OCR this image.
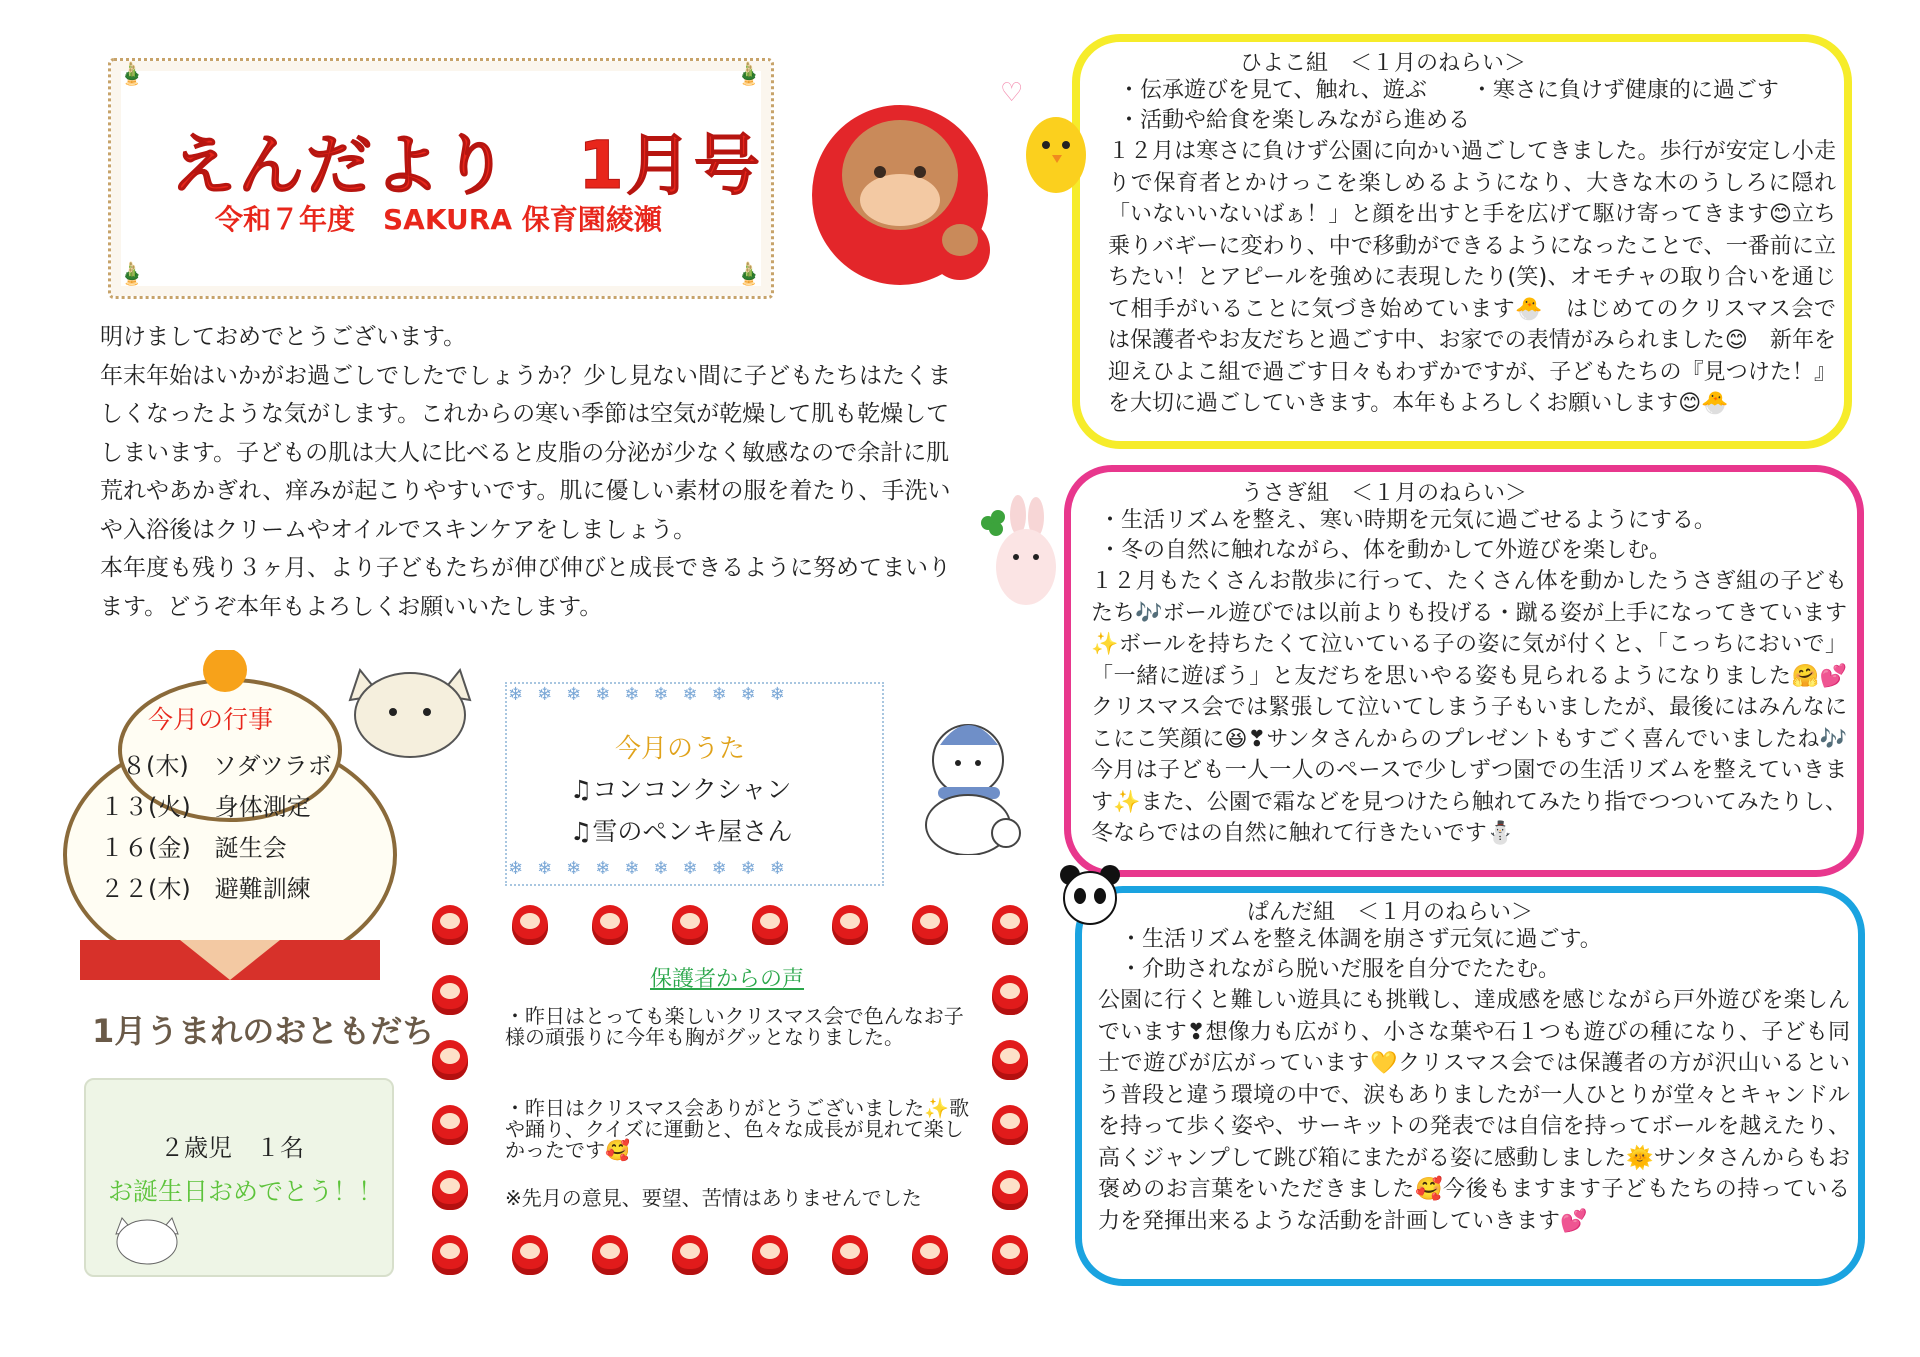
🎍	🎍
🎍	🎍
えんだより　1月号
令和７年度　SAKURA 保育園綾瀬

明けましておめでとうございます。

年末年始はいかがお過ごしでしたでしょうか？少し見ない間に子どもたちはたくましくなったような気がします。これからの寒い季節は空気が乾燥して肌も乾燥してしまいます。子どもの肌は大人に比べると皮脂の分泌が少なく敏感なので余計に肌荒れやあかぎれ、痒みが起こりやすいです。肌に優しい素材の服を着たり、手洗いや入浴後はクリームやオイルでスキンケアをしましょう。

本年度も残り３ヶ月、より子どもたちが伸び伸びと成長できるように努めてまいります。どうぞ本年もよろしくお願いいたします。

ひよこ組　＜１月のねらい＞
・伝承遊びを見て、触れ、遊ぶ　　・寒さに負けず健康的に過ごす
・活動や給食を楽しみながら進める
１２月は寒さに負けず公園に向かい過ごしてきました。歩行が安定し小走りで保育者とかけっこを楽しめるようになり、大きな木のうしろに隠れ「いないいないばぁ！」と顔を出すと手を広げて駆け寄ってきます😊立ち乗りバギーに変わり、中で移動ができるようになったことで、一番前に立ちたい！とアピールを強めに表現したり(笑)、オモチャの取り合いを通じて相手がいることに気づき始めています🐣　はじめてのクリスマス会では保護者やお友だちと過ごす中、お家での表情がみられました😊　新年を迎えひよこ組で過ごす日々もわずかですが、子どもたちの『見つけた！』を大切に過ごしていきます。本年もよろしくお願いします😊🐣
♡
うさぎ組　＜１月のねらい＞
・生活リズムを整え、寒い時期を元気に過ごせるようにする。
・冬の自然に触れながら、体を動かして外遊びを楽しむ。
１２月もたくさんお散歩に行って、たくさん体を動かしたうさぎ組の子どもたち🎶ボール遊びでは以前よりも投げる・蹴る姿が上手になってきています✨ボールを持ちたくて泣いている子の姿に気が付くと、「こっちにおいで」「一緒に遊ぼう」と友だちを思いやる姿も見られるようになりました🤗💕クリスマス会では緊張して泣いてしまう子もいましたが、最後にはみんなにこにこ笑顔に😆❣サンタさんからのプレゼントもすごく喜んでいましたね🎶今月は子ども一人一人のペースで少しずつ園での生活リズムを整えていきます✨また、公園で霜などを見つけたら触れてみたり指でつついてみたりし、冬ならではの自然に触れて行きたいです⛄
ぱんだ組　＜１月のねらい＞
・生活リズムを整え体調を崩さず元気に過ごす。
・介助されながら脱いだ服を自分でたたむ。
公園に行くと難しい遊具にも挑戦し、達成感を感じながら戸外遊びを楽しんでいます❣想像力も広がり、小さな葉や石１つも遊びの種になり、子ども同士で遊びが広がっています💛クリスマス会では保護者の方が沢山いるという普段と違う環境の中で、涙もありましたが一人ひとりが堂々とキャンドルを持って歩く姿や、サーキットの発表では自信を持ってボールを越えたり、高くジャンプして跳び箱にまたがる姿に感動しました🌞サンタさんからもお褒めのお言葉をいただきました🥰今後もますます子どもたちの持っている力を発揮出来るような活動を計画していきます💕
今月の行事
８(木)　ソダツラボ
１３(火)　身体測定
１６(金)　誕生会
２２(木)　避難訓練
❄❄❄❄❄❄❄❄❄❄
❄❄❄❄❄❄❄❄❄❄
今月のうた
♫コンコンクシャン
♫雪のペンキ屋さん
1月うまれのおともだち
２歳児　１名
お誕生日おめでとう！！
保護者からの声
・昨日はとっても楽しいクリスマス会で色んなお子様の頑張りに今年も胸がグッとなりました。
・昨日はクリスマス会ありがとうございました✨歌や踊り、クイズに運動と、色々な成長が見れて楽しかったです🥰
※先月の意見、要望、苦情はありませんでした
